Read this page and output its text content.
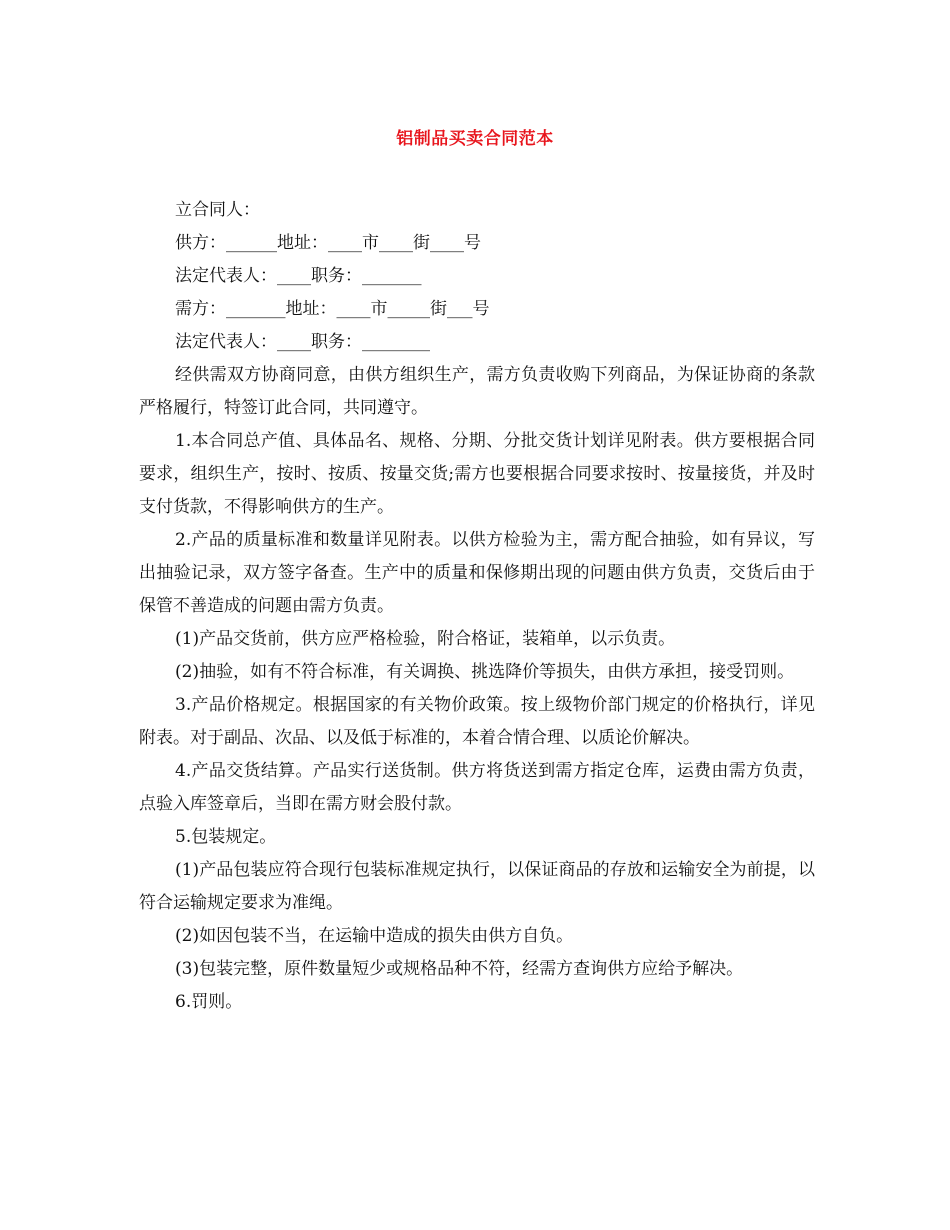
铝制品买卖合同范本

立合同人：

供方：______地址：____市____街____号

法定代表人：____职务：_______

需方：_______地址：____市_____街___号

法定代表人：____职务：________

经供需双方协商同意，由供方组织生产，需方负责收购下列商品，为保证协商的条款严格履行，特签订此合同，共同遵守。

1.本合同总产值、具体品名、规格、分期、分批交货计划详见附表。供方要根据合同要求，组织生产，按时、按质、按量交货;需方也要根据合同要求按时、按量接货，并及时支付货款，不得影响供方的生产。

2.产品的质量标准和数量详见附表。以供方检验为主，需方配合抽验，如有异议，写出抽验记录，双方签字备查。生产中的质量和保修期出现的问题由供方负责，交货后由于保管不善造成的问题由需方负责。

(1)产品交货前，供方应严格检验，附合格证，装箱单，以示负责。

(2)抽验，如有不符合标准，有关调换、挑选降价等损失，由供方承担，接受罚则。

3.产品价格规定。根据国家的有关物价政策。按上级物价部门规定的价格执行，详见附表。对于副品、次品、以及低于标准的，本着合情合理、以质论价解决。

4.产品交货结算。产品实行送货制。供方将货送到需方指定仓库，运费由需方负责，点验入库签章后，当即在需方财会股付款。

5.包装规定。

(1)产品包装应符合现行包装标准规定执行，以保证商品的存放和运输安全为前提，以符合运输规定要求为准绳。

(2)如因包装不当，在运输中造成的损失由供方自负。

(3)包装完整，原件数量短少或规格品种不符，经需方查询供方应给予解决。

6.罚则。
